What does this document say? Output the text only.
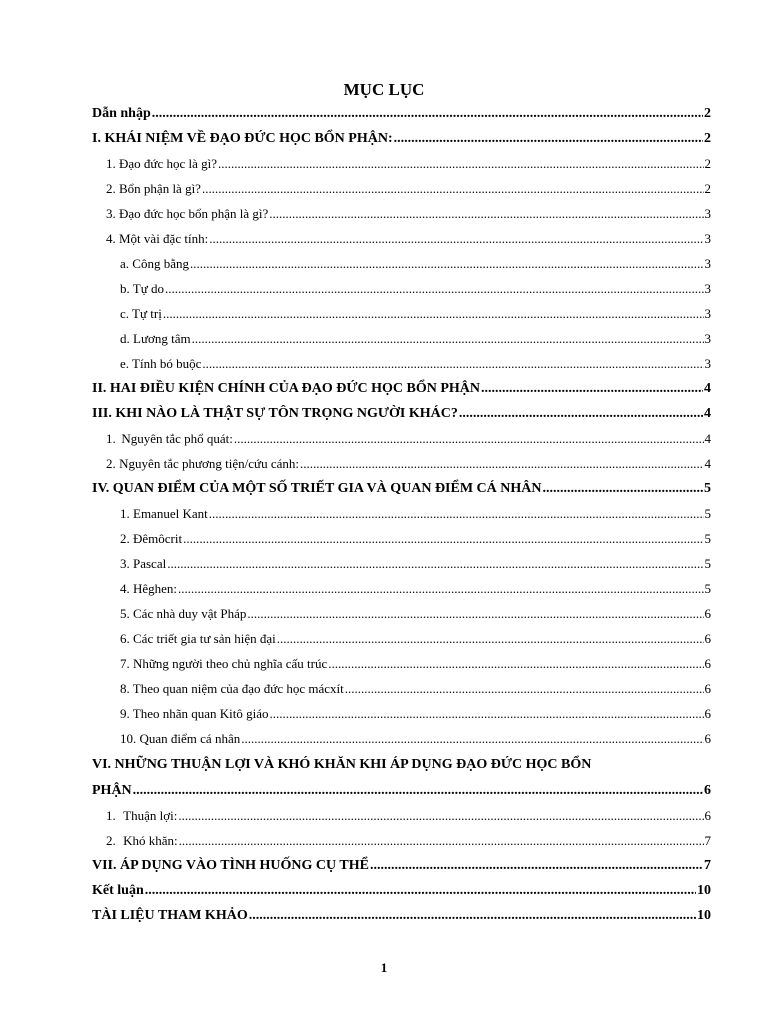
MỤC LỤC
Dẫn nhập .....	2
I. KHÁI NIỆM VỀ ĐẠO ĐỨC HỌC BỔN PHẬN: .....	2
1. Đạo đức học là gì? .....	2
2. Bổn phận là gì? .....	2
3. Đạo đức học bổn phận là gì? .....	3
4. Một vài đặc tính: .....	3
a. Công bằng .....	3
b. Tự do .....	3
c. Tự trị .....	3
d. Lương tâm .....	3
e. Tính bó buộc .....	3
II. HAI ĐIỀU KIỆN CHÍNH CỦA ĐẠO ĐỨC HỌC BỔN PHẬN .....	4
III. KHI NÀO LÀ THẬT SỰ TÔN TRỌNG NGƯỜI KHÁC? .....	4
1. Nguyên tắc phổ quát: .....	4
2. Nguyên tắc phương tiện/cứu cánh: .....	4
IV. QUAN ĐIỂM CỦA MỘT SỐ TRIẾT GIA VÀ QUAN ĐIỂM CÁ NHÂN .....	5
1. Emanuel Kant .....	5
2. Đêmôcrit .....	5
3. Pascal .....	5
4. Hêghen: .....	5
5. Các nhà duy vật Pháp .....	6
6. Các triết gia tư sản hiện đại .....	6
7. Những người theo chủ nghĩa cấu trúc .....	6
8. Theo quan niệm của đạo đức học mácxít .....	6
9. Theo nhãn quan Kitô giáo .....	6
10. Quan điểm cá nhân .....	6
VI. NHỮNG THUẬN LỢI VÀ KHÓ KHĂN KHI ÁP DỤNG ĐẠO ĐỨC HỌC BỔN
PHẬN .....	6
1. Thuận lợi: .....	6
2. Khó khăn: .....	7
VII. ÁP DỤNG VÀO TÌNH HUỐNG CỤ THỂ .....	7
Kết luận .....	10
TÀI LIỆU THAM KHẢO .....	10
1
